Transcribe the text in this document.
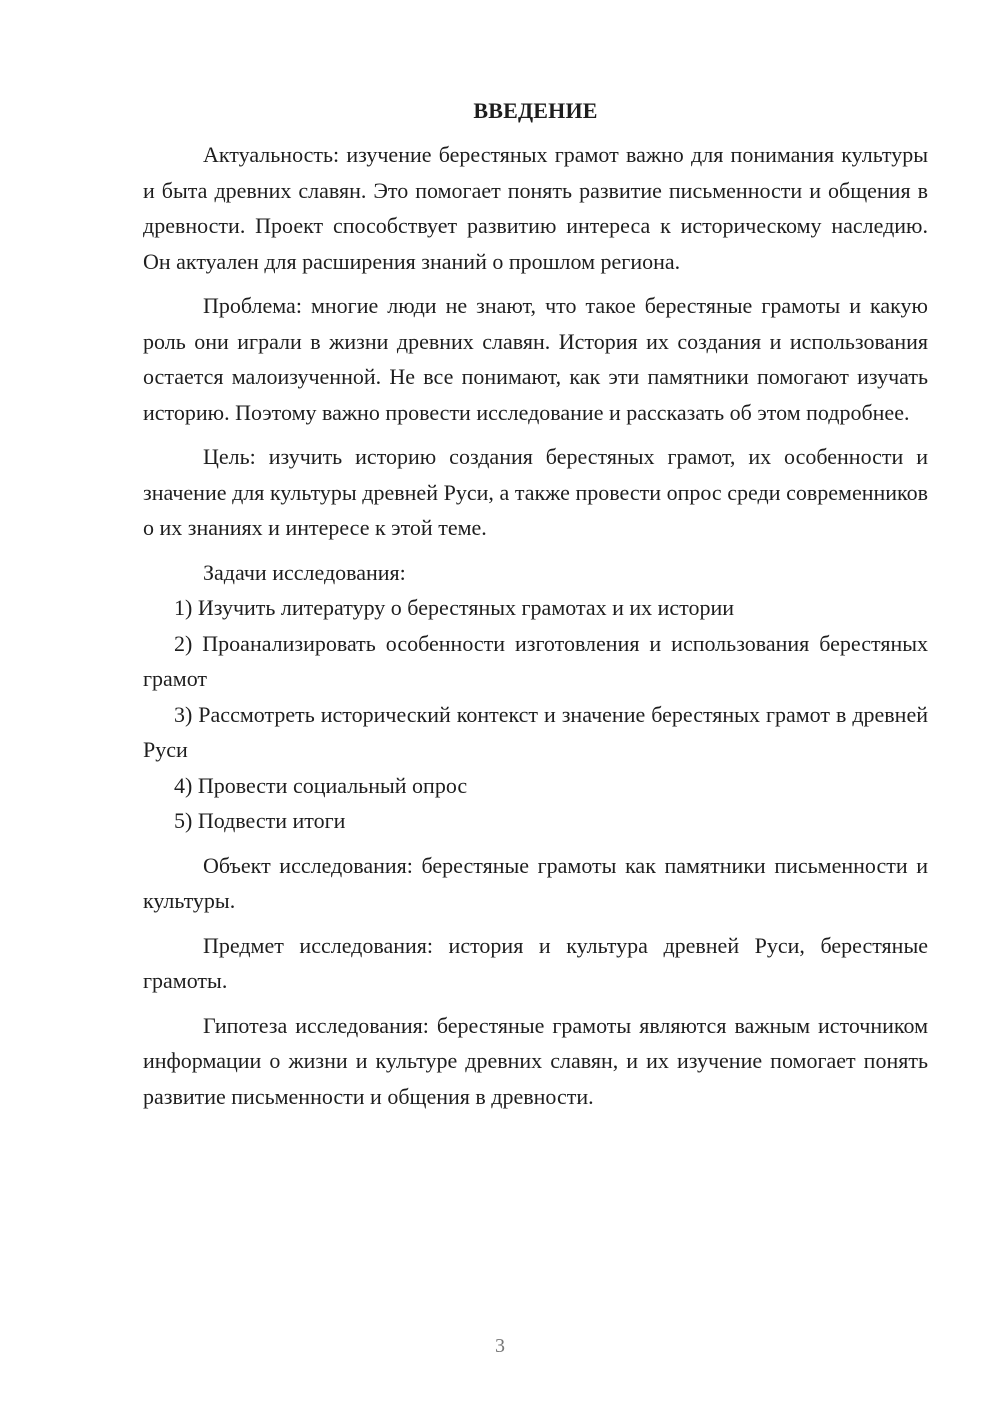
ВВЕДЕНИЕ

Актуальность: изучение берестяных грамот важно для понимания культуры и быта древних славян. Это помогает понять развитие письменности и общения в древности. Проект способствует развитию интереса к историческому наследию. Он актуален для расширения знаний о прошлом региона.

Проблема: многие люди не знают, что такое берестяные грамоты и какую роль они играли в жизни древних славян. История их создания и использования остается малоизученной. Не все понимают, как эти памятники помогают изучать историю. Поэтому важно провести исследование и рассказать об этом подробнее.

Цель: изучить историю создания берестяных грамот, их особенности и значение для культуры древней Руси, а также провести опрос среди современников о их знаниях и интересе к этой теме.

Задачи исследования:

1) Изучить литературу о берестяных грамотах и их истории

2) Проанализировать особенности изготовления и использования берестяных грамот

3) Рассмотреть исторический контекст и значение берестяных грамот в древней Руси

4) Провести социальный опрос

5) Подвести итоги

Объект исследования: берестяные грамоты как памятники письменности и культуры.

Предмет исследования: история и культура древней Руси, берестяные грамоты.

Гипотеза исследования: берестяные грамоты являются важным источником информации о жизни и культуре древних славян, и их изучение помогает понять развитие письменности и общения в древности.

3
